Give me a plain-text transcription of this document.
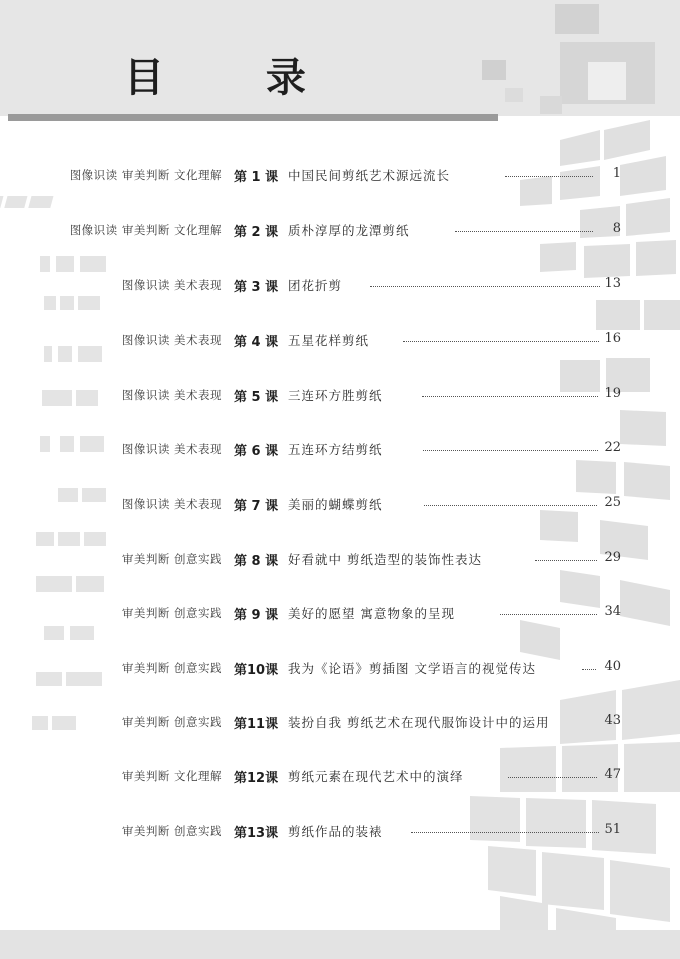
目 录
图像识读 审美判断 文化理解 第 1 课 中国民间剪纸艺术源远流长	1
图像识读 审美判断 文化理解 第 2 课 质朴淳厚的龙潭剪纸	8
图像识读 美术表现 第 3 课 团花折剪	13
图像识读 美术表现 第 4 课 五星花样剪纸	16
图像识读 美术表现 第 5 课 三连环方胜剪纸	19
图像识读 美术表现 第 6 课 五连环方结剪纸	22
图像识读 美术表现 第 7 课 美丽的蝴蝶剪纸	25
审美判断 创意实践 第 8 课 好看就中 剪纸造型的装饰性表达	29
审美判断 创意实践 第 9 课 美好的愿望 寓意物象的呈现	34
审美判断 创意实践 第10课 我为《论语》剪插图 文学语言的视觉传达	40
审美判断 创意实践 第11课 装扮自我 剪纸艺术在现代服饰设计中的运用	43
审美判断 文化理解 第12课 剪纸元素在现代艺术中的演绎	47
审美判断 创意实践 第13课 剪纸作品的装裱	51
